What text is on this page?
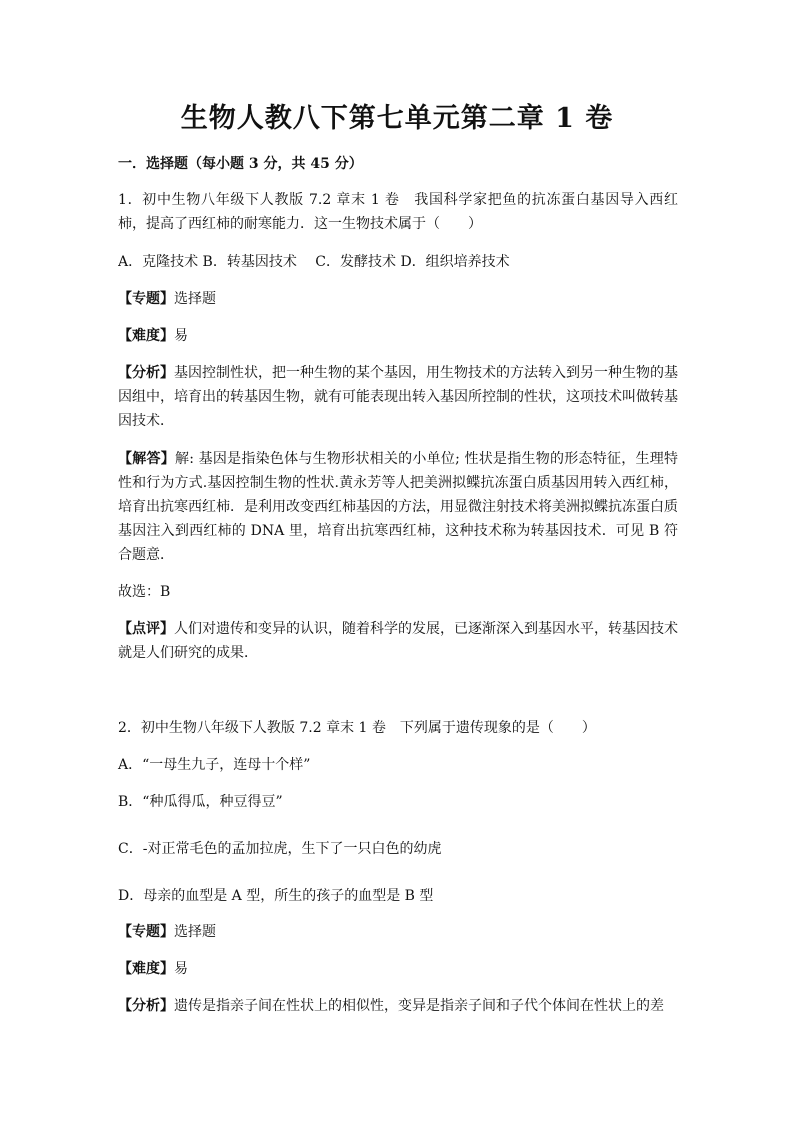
生物人教八下第七单元第二章 1 卷
一．选择题（每小题 3 分，共 45 分）
1．初中生物八年级下人教版 7.2 章末 1 卷　我国科学家把鱼的抗冻蛋白基因导入西红柿，提高了西红柿的耐寒能力．这一生物技术属于（　　）
A．克隆技术 B．转基因技术　 C．发酵技术 D．组织培养技术
【专题】选择题
【难度】易
【分析】基因控制性状，把一种生物的某个基因，用生物技术的方法转入到另一种生物的基因组中，培育出的转基因生物，就有可能表现出转入基因所控制的性状，这项技术叫做转基因技术．
【解答】解: 基因是指染色体与生物形状相关的小单位; 性状是指生物的形态特征，生理特性和行为方式.基因控制生物的性状.黄永芳等人把美洲拟鲽抗冻蛋白质基因用转入西红柿，培育出抗寒西红柿．是利用改变西红柿基因的方法，用显微注射技术将美洲拟鲽抗冻蛋白质基因注入到西红柿的 DNA 里，培育出抗寒西红柿，这种技术称为转基因技术．可见 B 符合题意．
故选：B
【点评】人们对遗传和变异的认识，随着科学的发展，已逐渐深入到基因水平，转基因技术就是人们研究的成果．
2．初中生物八年级下人教版 7.2 章末 1 卷　下列属于遗传现象的是（　　）
A．“一母生九子，连母十个样”
B．“种瓜得瓜，种豆得豆”
C．-对正常毛色的孟加拉虎，生下了一只白色的幼虎
D．母亲的血型是 A 型，所生的孩子的血型是 B 型
【专题】选择题
【难度】易
【分析】遗传是指亲子间在性状上的相似性，变异是指亲子间和子代个体间在性状上的差
